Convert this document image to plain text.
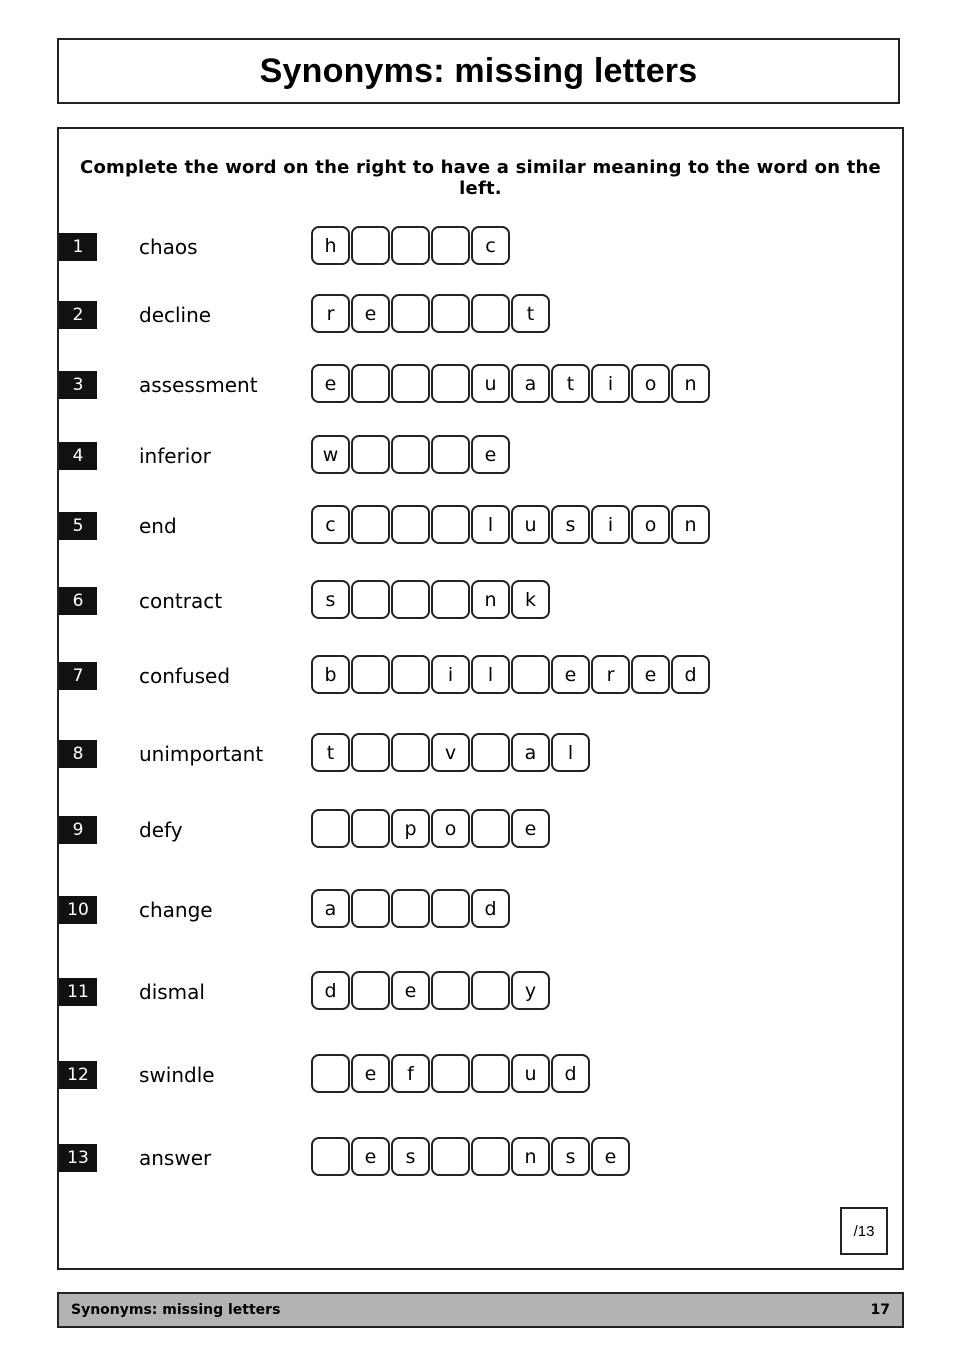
Synonyms: missing letters
Complete the word on the right to have a similar meaning to the word on the left.
1	chaos	h	c
2	decline	r	e	t
3	assessment	e	u	a	t	i	o	n
4	inferior	w	e
5	end	c	l	u	s	i	o	n
6	contract	s	n	k
7	confused	b	i	l	e	r	e	d
8	unimportant	t	v	a	l
9	defy	p	o	e
10	change	a	d
11	dismal	d	e	y
12	swindle	e	f	u	d
13	answer	e	s	n	s	e
/13
Synonyms: missing letters	17
